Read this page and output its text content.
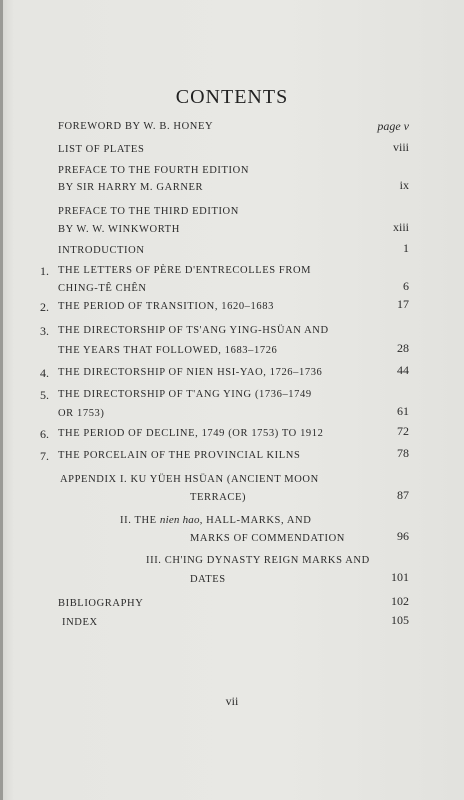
CONTENTS
FOREWORD BY W. B. HONEY	page v
LIST OF PLATES	viii
PREFACE TO THE FOURTH EDITION
BY SIR HARRY M. GARNER	ix
PREFACE TO THE THIRD EDITION
BY W. W. WINKWORTH	xiii
INTRODUCTION	1
1. THE LETTERS OF PÈRE D'ENTRECOLLES FROM
CHING-TÊ CHÊN	6
2. THE PERIOD OF TRANSITION, 1620–1683	17
3. THE DIRECTORSHIP OF TS'ANG YING-HSÜAN AND
THE YEARS THAT FOLLOWED, 1683–1726	28
4. THE DIRECTORSHIP OF NIEN HSI-YAO, 1726–1736	44
5. THE DIRECTORSHIP OF T'ANG YING (1736–1749
OR 1753)	61
6. THE PERIOD OF DECLINE, 1749 (OR 1753) TO 1912	72
7. THE PORCELAIN OF THE PROVINCIAL KILNS	78
APPENDIX I. KU YÜEH HSÜAN (ANCIENT MOON
TERRACE)	87
II. THE nien hao, HALL-MARKS, AND
MARKS OF COMMENDATION	96
III. CH'ING DYNASTY REIGN MARKS AND
DATES	101
BIBLIOGRAPHY	102
INDEX	105
vii
